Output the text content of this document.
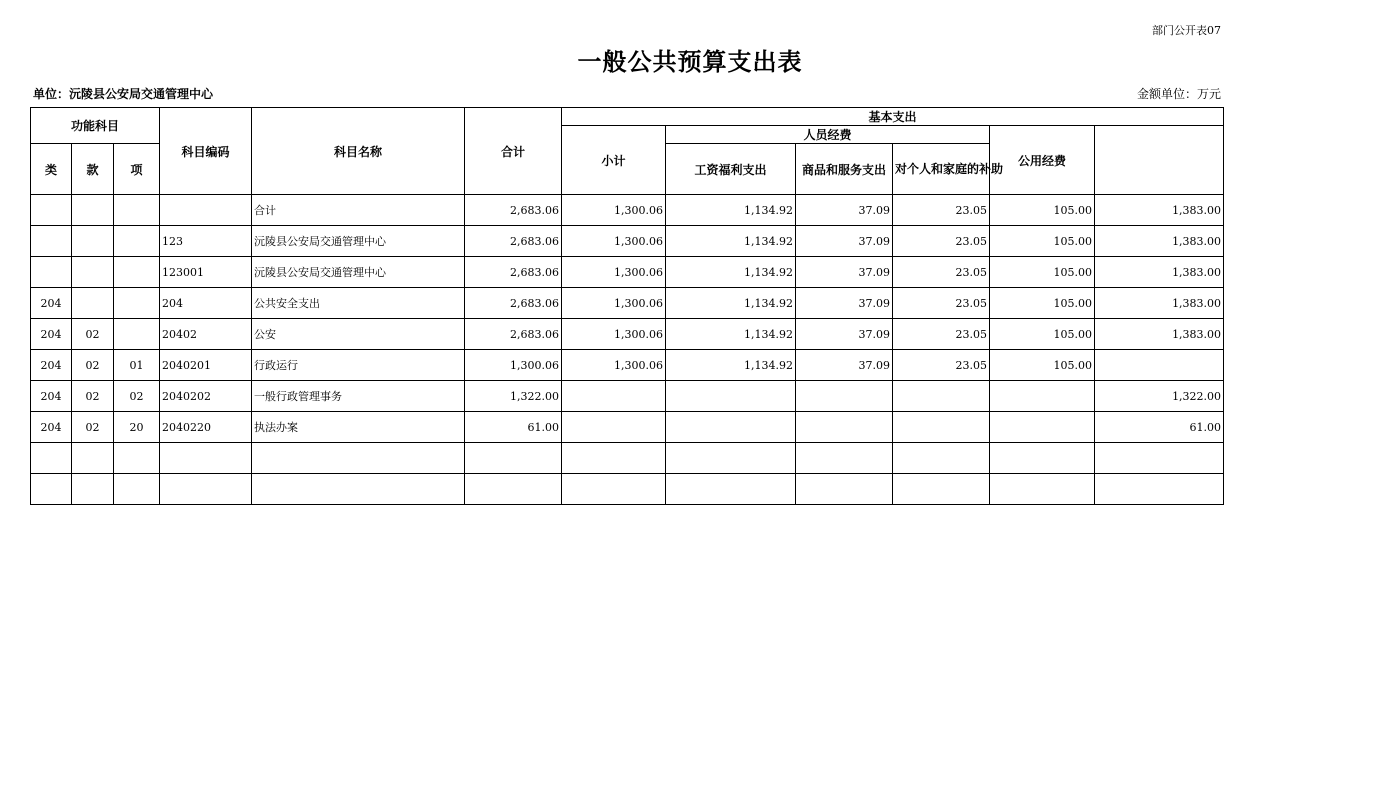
部门公开表07
一般公共预算支出表
单位：沅陵县公安局交通管理中心	金额单位：万元
功能科目			科目编码	科目名称	合计	基本支出	
						小计	人员经费			公用经费		
类	款	项					工资福利支出	商品和服务支出	对个人和家庭的补助			
				合计	2,683.06	1,300.06	1,134.92	37.09	23.05	105.00	1,383.00	
			123	沅陵县公安局交通管理中心	2,683.06	1,300.06	1,134.92	37.09	23.05	105.00	1,383.00	
			123001	沅陵县公安局交通管理中心	2,683.06	1,300.06	1,134.92	37.09	23.05	105.00	1,383.00	
204			204	公共安全支出	2,683.06	1,300.06	1,134.92	37.09	23.05	105.00	1,383.00	
204	02		20402	公安	2,683.06	1,300.06	1,134.92	37.09	23.05	105.00	1,383.00	
204	02	01	2040201	行政运行	1,300.06	1,300.06	1,134.92	37.09	23.05	105.00		
204	02	02	2040202	一般行政管理事务	1,322.00						1,322.00	
204	02	20	2040220	执法办案	61.00						61.00	
